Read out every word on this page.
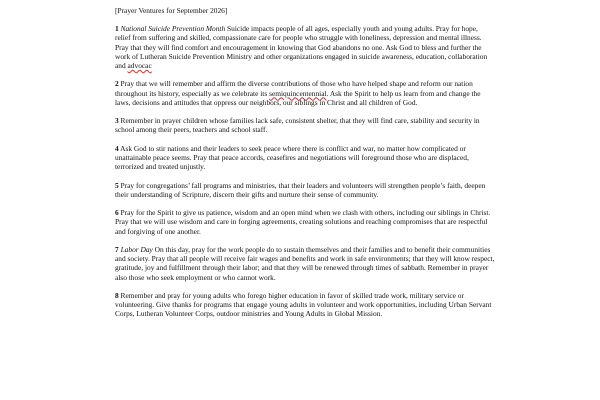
[Prayer Ventures for September 2026]

1 National Suicide Prevention Month Suicide impacts people of all ages, especially youth and young adults. Pray for hope, relief from suffering and skilled, compassionate care for people who struggle with loneliness, depression and mental illness. Pray that they will find comfort and encouragement in knowing that God abandons no one. Ask God to bless and further the work of Lutheran Suicide Prevention Ministry and other organizations engaged in suicide awareness, education, collaboration and advocac

2 Pray that we will remember and affirm the diverse contributions of those who have helped shape and reform our nation throughout its history, especially as we celebrate its semiquincentennial. Ask the Spirit to help us learn from and change the laws, decisions and attitudes that oppress our neighbors, our siblings in Christ and all children of God.

3 Remember in prayer children whose families lack safe, consistent shelter, that they will find care, stability and security in school among their peers, teachers and school staff.

4 Ask God to stir nations and their leaders to seek peace where there is conflict and war, no matter how complicated or unattainable peace seems. Pray that peace accords, ceasefires and negotiations will foreground those who are displaced, terrorized and treated unjustly.

5 Pray for congregations’ fall programs and ministries, that their leaders and volunteers will strengthen people’s faith, deepen their understanding of Scripture, discern their gifts and nurture their sense of community.

6 Pray for the Spirit to give us patience, wisdom and an open mind when we clash with others, including our siblings in Christ. Pray that we will use wisdom and care in forging agreements, creating solutions and reaching compromises that are respectful and forgiving of one another.

7 Labor Day On this day, pray for the work people do to sustain themselves and their families and to benefit their communities and society. Pray that all people will receive fair wages and benefits and work in safe environments; that they will know respect, gratitude, joy and fulfillment through their labor; and that they will be renewed through times of sabbath. Remember in prayer also those who seek employment or who cannot work.

8 Remember and pray for young adults who forego higher education in favor of skilled trade work, military service or volunteering. Give thanks for programs that engage young adults in volunteer and work opportunities, including Urban Servant Corps, Lutheran Volunteer Corps, outdoor ministries and Young Adults in Global Mission.
